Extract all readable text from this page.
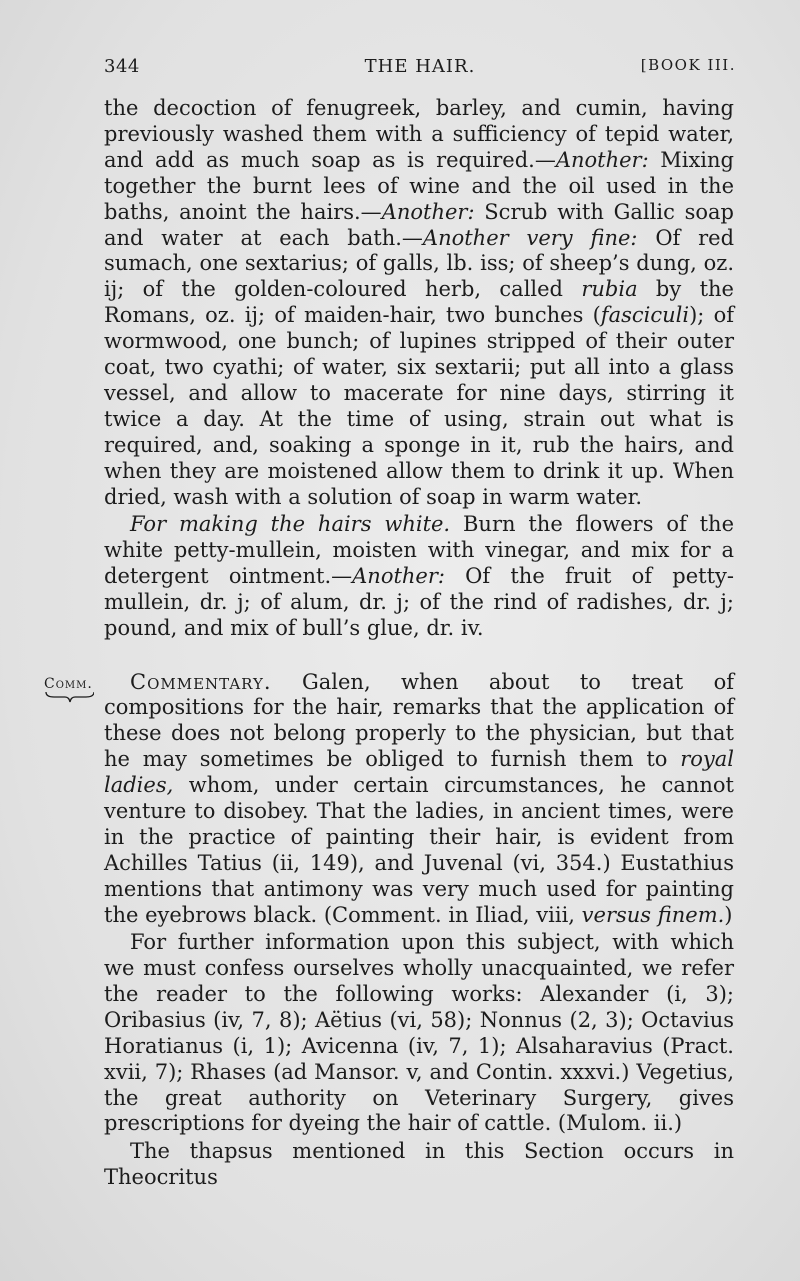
344	THE HAIR.	[BOOK III.
Comm.

the decoction of fenugreek, barley, and cumin, having previously washed them with a sufficiency of tepid water, and add as much soap as is required.—Another: Mixing together the burnt lees of wine and the oil used in the baths, anoint the hairs.—Another: Scrub with Gallic soap and water at each bath.—Another very fine: Of red sumach, one sextarius; of galls, lb. iss; of sheep’s dung, oz. ij; of the golden-coloured herb, called rubia by the Romans, oz. ij; of maiden-hair, two bunches (fasciculi); of wormwood, one bunch; of lupines stripped of their outer coat, two cyathi; of water, six sextarii; put all into a glass vessel, and allow to macerate for nine days, stirring it twice a day. At the time of using, strain out what is required, and, soaking a sponge in it, rub the hairs, and when they are moistened allow them to drink it up. When dried, wash with a solution of soap in warm water.

For making the hairs white. Burn the flowers of the white petty-mullein, moisten with vinegar, and mix for a detergent ointment.—Another: Of the fruit of petty-mullein, dr. j; of alum, dr. j; of the rind of radishes, dr. j; pound, and mix of bull’s glue, dr. iv.

Commentary. Galen, when about to treat of compositions for the hair, remarks that the application of these does not belong properly to the physician, but that he may sometimes be obliged to furnish them to royal ladies, whom, under certain circumstances, he cannot venture to disobey. That the ladies, in ancient times, were in the practice of painting their hair, is evident from Achilles Tatius (ii, 149), and Juvenal (vi, 354.) Eustathius mentions that antimony was very much used for painting the eyebrows black. (Comment. in Iliad, viii, versus finem.)

For further information upon this subject, with which we must confess ourselves wholly unacquainted, we refer the reader to the following works: Alexander (i, 3); Oribasius (iv, 7, 8); Aëtius (vi, 58); Nonnus (2, 3); Octavius Horatianus (i, 1); Avicenna (iv, 7, 1); Alsaharavius (Pract. xvii, 7); Rhases (ad Mansor. v, and Contin. xxxvi.) Vegetius, the great authority on Veterinary Surgery, gives prescriptions for dyeing the hair of cattle. (Mulom. ii.)

The thapsus mentioned in this Section occurs in Theocritus
